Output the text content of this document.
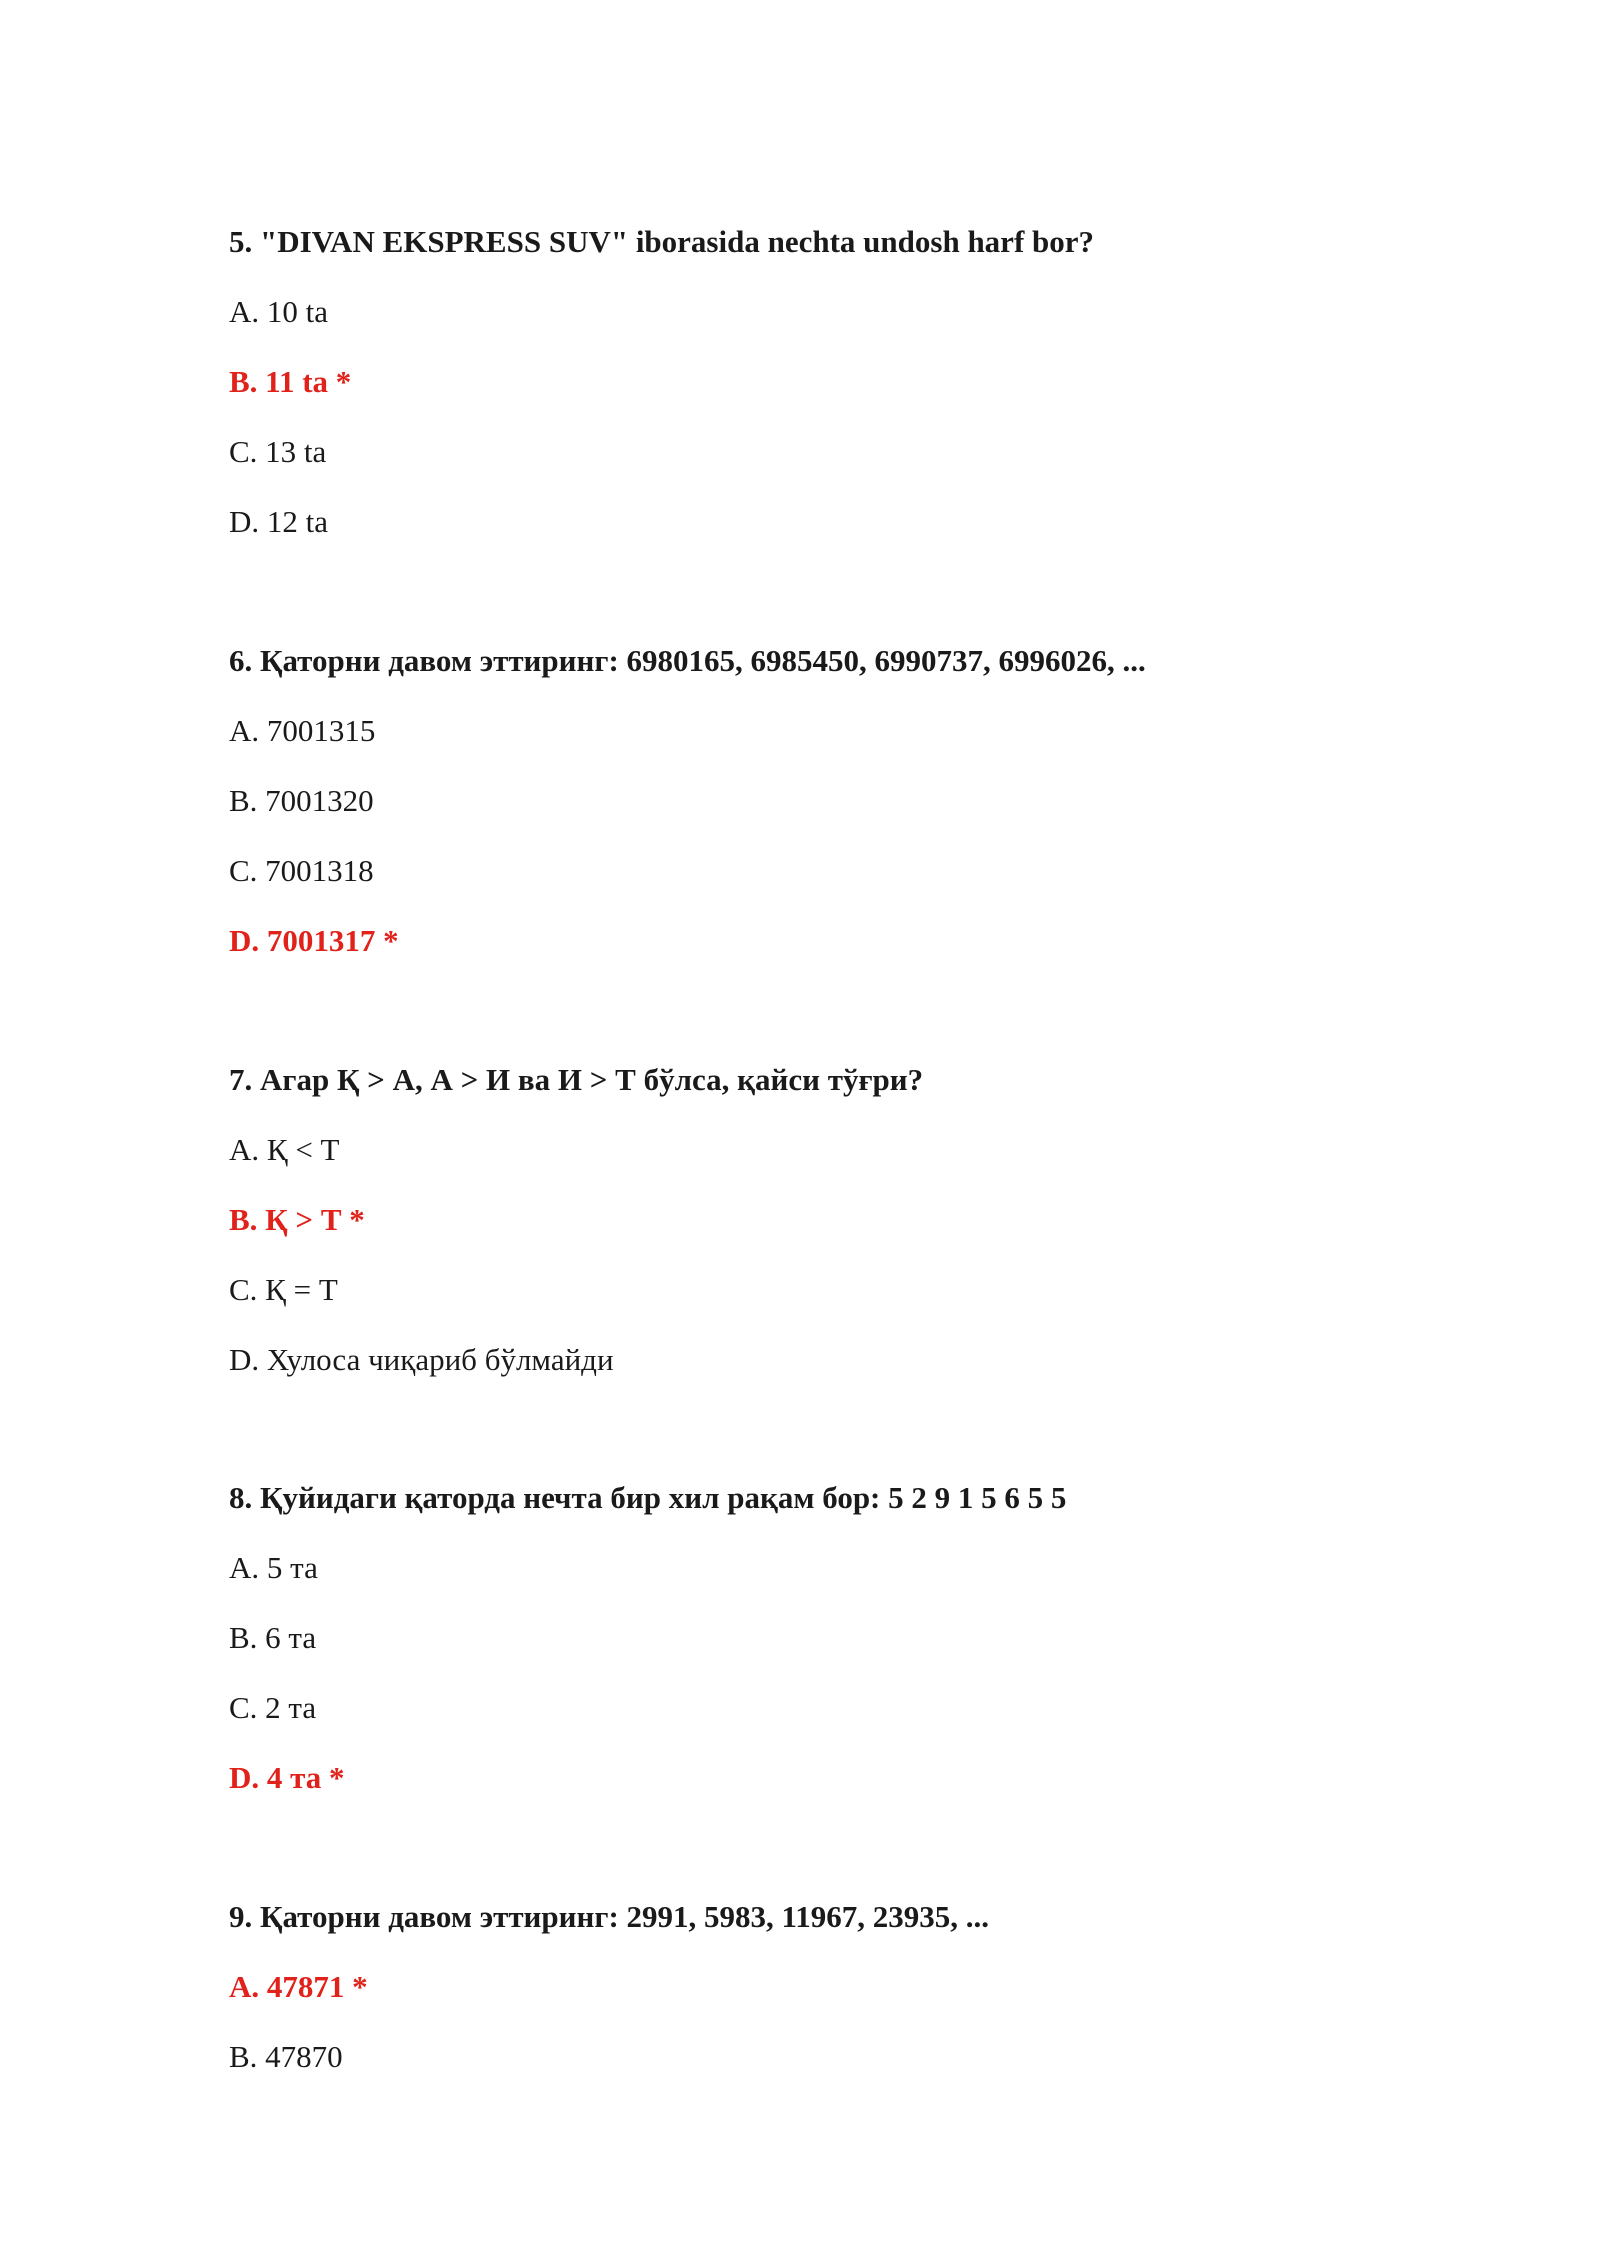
5. "DIVAN EKSPRESS SUV" iborasida nechta undosh harf bor?
A. 10 ta
B. 11 ta *
C. 13 ta
D. 12 ta
6. Қаторни давом эттиринг: 6980165, 6985450, 6990737, 6996026, ...
A. 7001315
B. 7001320
C. 7001318
D. 7001317 *
7. Агар Қ > А, А > И ва И > Т бўлса, қайси тўғри?
A. Қ < Т
B. Қ > Т *
C. Қ = Т
D. Хулоса чиқариб бўлмайди
8. Қуйидаги қаторда нечта бир хил рақам бор: 5 2 9 1 5 6 5 5
A. 5 та
B. 6 та
C. 2 та
D. 4 та *
9. Қаторни давом эттиринг: 2991, 5983, 11967, 23935, ...
A. 47871 *
B. 47870
